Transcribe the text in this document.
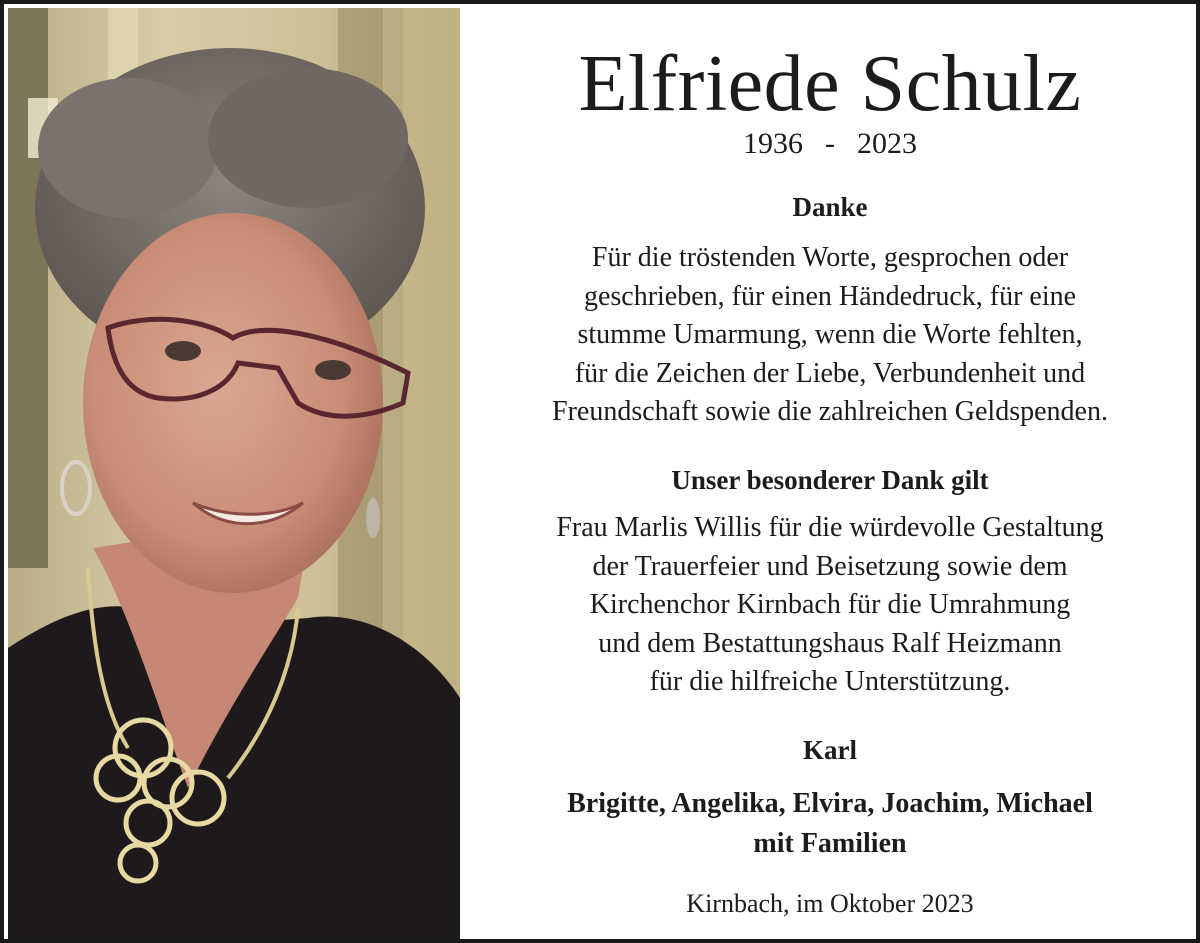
Elfriede Schulz
1936 - 2023
Danke
Für die tröstenden Worte, gesprochen oder
geschrieben, für einen Händedruck, für eine
stumme Umarmung, wenn die Worte fehlten,
für die Zeichen der Liebe, Verbundenheit und
Freundschaft sowie die zahlreichen Geldspenden.
Unser besonderer Dank gilt
Frau Marlis Willis für die würdevolle Gestaltung
der Trauerfeier und Beisetzung sowie dem
Kirchenchor Kirnbach für die Umrahmung
und dem Bestattungshaus Ralf Heizmann
für die hilfreiche Unterstützung.
Karl
Brigitte, Angelika, Elvira, Joachim, Michael
mit Familien
Kirnbach, im Oktober 2023
